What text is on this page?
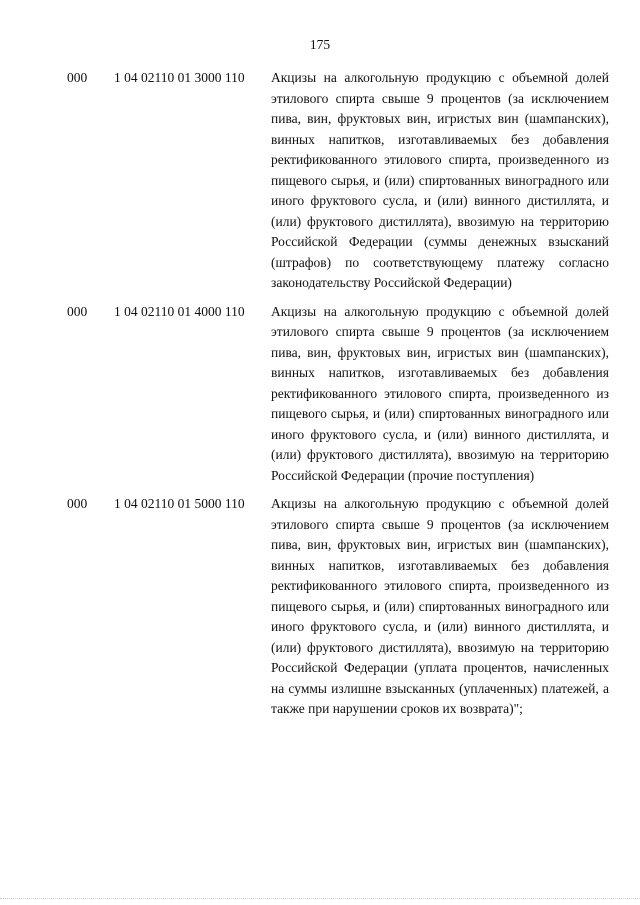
175
000 1 04 02110 01 3000 110 Акцизы на алкогольную продукцию с объемной долей этилового спирта свыше 9 процентов (за исключением пива, вин, фруктовых вин, игристых вин (шампанских), винных напитков, изготавливаемых без добавления ректификованного этилового спирта, произведенного из пищевого сырья, и (или) спиртованных виноградного или иного фруктового сусла, и (или) винного дистиллята, и (или) фруктового дистиллята), ввозимую на территорию Российской Федерации (суммы денежных взысканий (штрафов) по соответствующему платежу согласно законодательству Российской Федерации)
000 1 04 02110 01 4000 110 Акцизы на алкогольную продукцию с объемной долей этилового спирта свыше 9 процентов (за исключением пива, вин, фруктовых вин, игристых вин (шампанских), винных напитков, изготавливаемых без добавления ректификованного этилового спирта, произведенного из пищевого сырья, и (или) спиртованных виноградного или иного фруктового сусла, и (или) винного дистиллята, и (или) фруктового дистиллята), ввозимую на территорию Российской Федерации (прочие поступления)
000 1 04 02110 01 5000 110 Акцизы на алкогольную продукцию с объемной долей этилового спирта свыше 9 процентов (за исключением пива, вин, фруктовых вин, игристых вин (шампанских), винных напитков, изготавливаемых без добавления ректификованного этилового спирта, произведенного из пищевого сырья, и (или) спиртованных виноградного или иного фруктового сусла, и (или) винного дистиллята, и (или) фруктового дистиллята), ввозимую на территорию Российской Федерации (уплата процентов, начисленных на суммы излишне взысканных (уплаченных) платежей, а также при нарушении сроков их возврата)";
